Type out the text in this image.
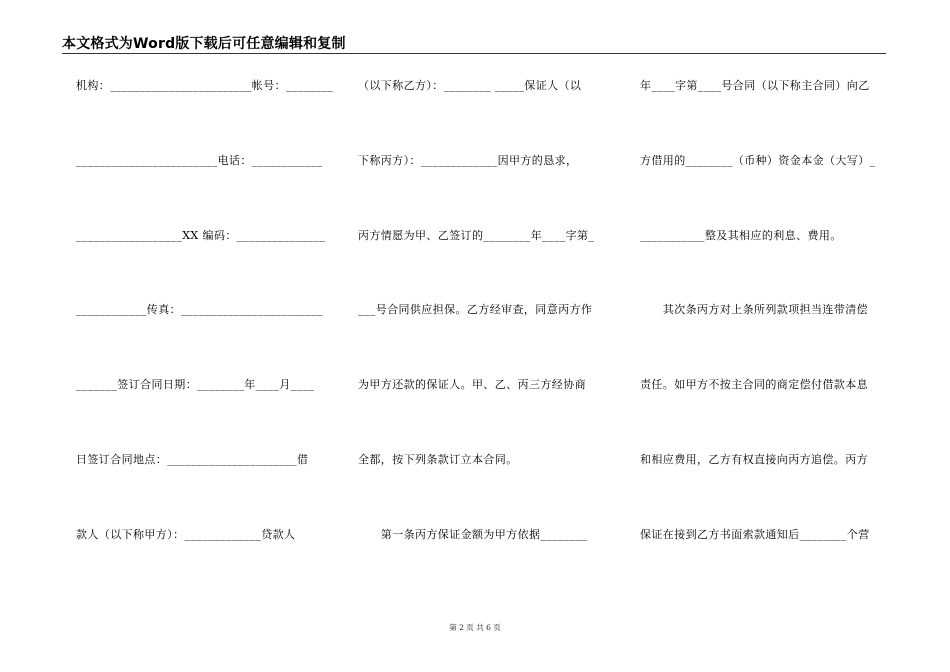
本文格式为Word版下载后可任意编辑和复制
机构：________________________帐号：________
________________________电话：____________
__________________XX 编码：_______________
____________传真：________________________
_______签订合同日期：________年____月____
日签订合同地点：______________________借
款人（以下称甲方）：_____________贷款人
（以下称乙方）：________ _____保证人（以
下称丙方）：_____________因甲方的恳求，
丙方情愿为甲、乙签订的________年____字第_
___号合同供应担保。乙方经审查，同意丙方作
为甲方还款的保证人。甲、乙、丙三方经协商
全都，按下列条款订立本合同。
　　第一条丙方保证金额为甲方依据________
年____字第____号合同（以下称主合同）向乙
方借用的________（币种）资金本金（大写）_
___________整及其相应的利息、费用。
　　其次条丙方对上条所列款项担当连带清偿
责任。如甲方不按主合同的商定偿付借款本息
和相应费用，乙方有权直接向丙方追偿。丙方
保证在接到乙方书面索款通知后________个营
第 2 页 共 6 页
